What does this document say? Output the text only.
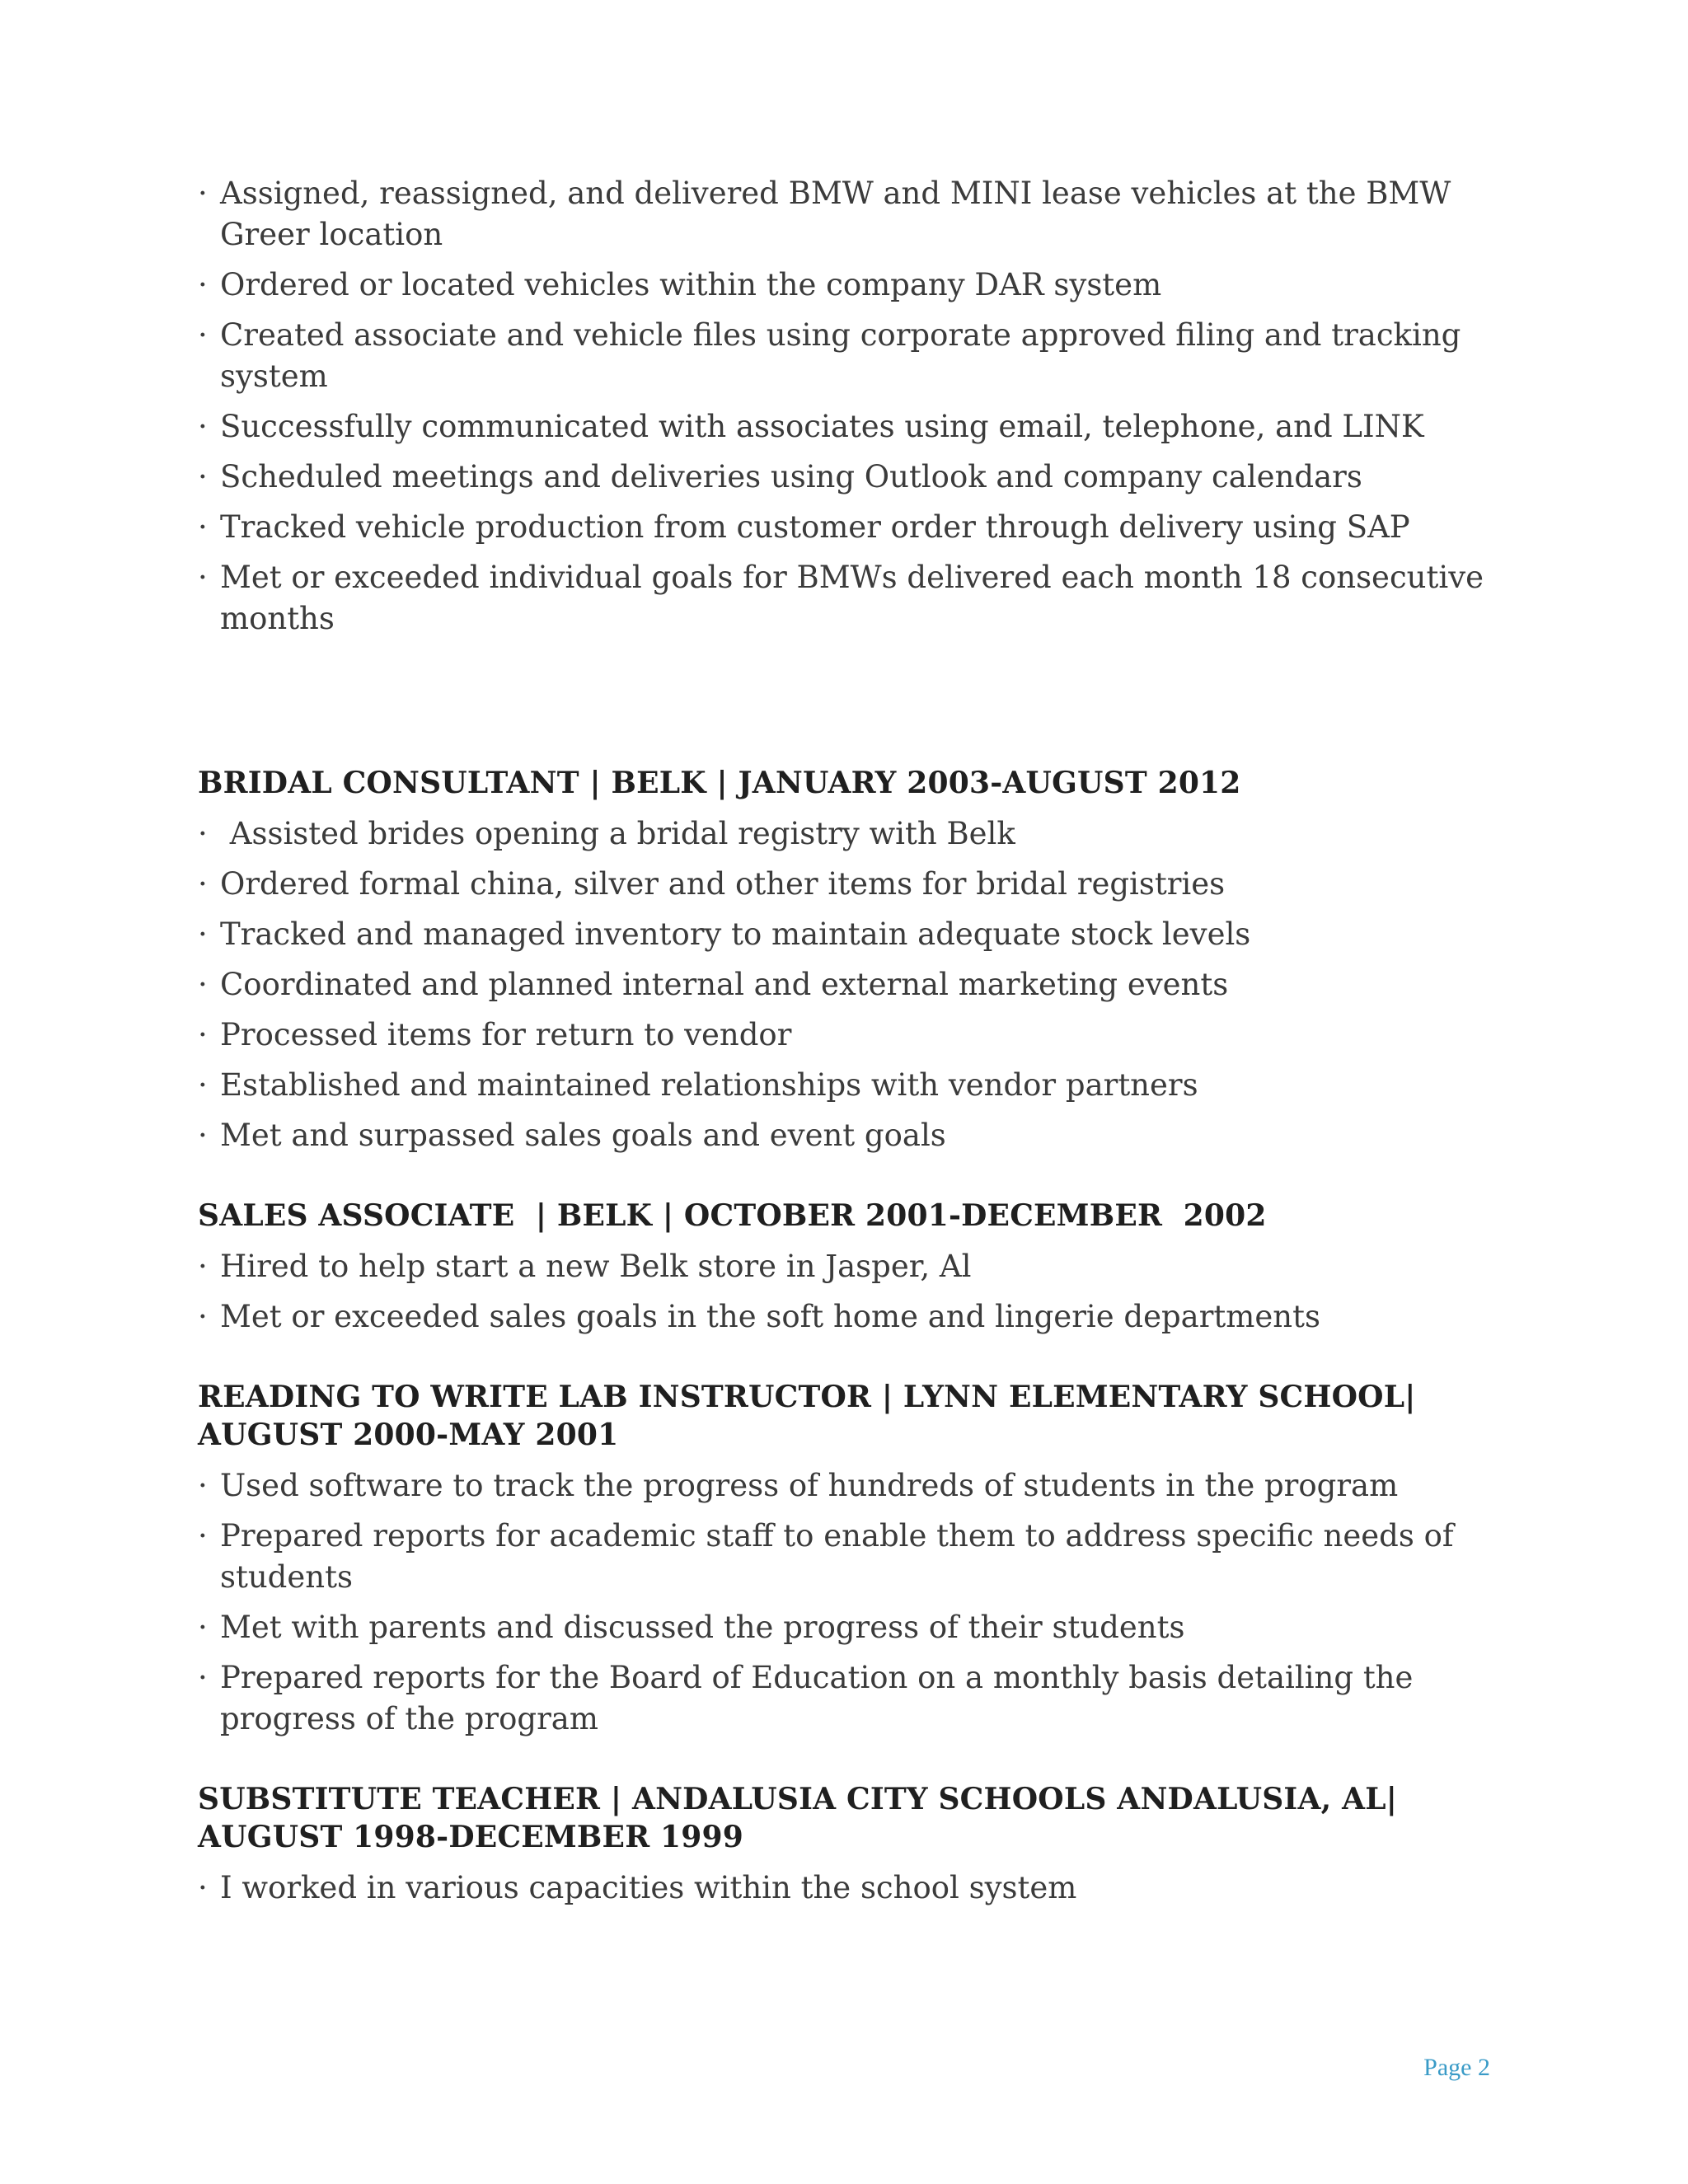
· Assigned, reassigned, and delivered BMW and MINI lease vehicles at the BMW Greer location
· Ordered or located vehicles within the company DAR system
· Created associate and vehicle files using corporate approved filing and tracking system
· Successfully communicated with associates using email, telephone, and LINK
· Scheduled meetings and deliveries using Outlook and company calendars
· Tracked vehicle production from customer order through delivery using SAP
· Met or exceeded individual goals for BMWs delivered each month 18 consecutive months
BRIDAL CONSULTANT | BELK | JANUARY 2003-AUGUST 2012
· Assisted brides opening a bridal registry with Belk
· Ordered formal china, silver and other items for bridal registries
· Tracked and managed inventory to maintain adequate stock levels
· Coordinated and planned internal and external marketing events
· Processed items for return to vendor
· Established and maintained relationships with vendor partners
· Met and surpassed sales goals and event goals
SALES ASSOCIATE  | BELK | OCTOBER 2001-DECEMBER  2002
· Hired to help start a new Belk store in Jasper, Al
· Met or exceeded sales goals in the soft home and lingerie departments
READING TO WRITE LAB INSTRUCTOR | LYNN ELEMENTARY SCHOOL| AUGUST 2000-MAY 2001
· Used software to track the progress of hundreds of students in the program
· Prepared reports for academic staff to enable them to address specific needs of students
· Met with parents and discussed the progress of their students
· Prepared reports for the Board of Education on a monthly basis detailing the progress of the program
SUBSTITUTE TEACHER | ANDALUSIA CITY SCHOOLS ANDALUSIA, AL| AUGUST 1998-DECEMBER 1999
· I worked in various capacities within the school system
Page 2
